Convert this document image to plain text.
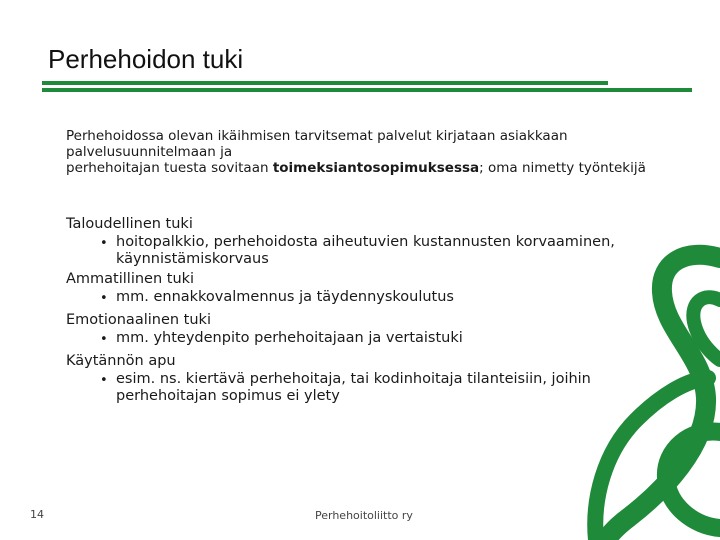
Perhehoidon tuki

Perhehoidossa olevan ikäihmisen tarvitsemat palvelut kirjataan asiakkaan palvelusuunnitelmaan ja

perhehoitajan tuesta sovitaan toimeksiantosopimuksessa; oma nimetty työntekijä

Taloudellinen tuki
• hoitopalkkio, perhehoidosta aiheutuvien kustannusten korvaaminen, käynnistämiskorvaus
Ammatillinen tuki
• mm. ennakkovalmennus ja täydennyskoulutus
Emotionaalinen tuki
• mm. yhteydenpito perhehoitajaan ja vertaistuki
Käytännön apu
• esim. ns. kiertävä perhehoitaja, tai kodinhoitaja tilanteisiin, joihin perhehoitajan sopimus ei ylety
14	Perhehoitoliitto ry
